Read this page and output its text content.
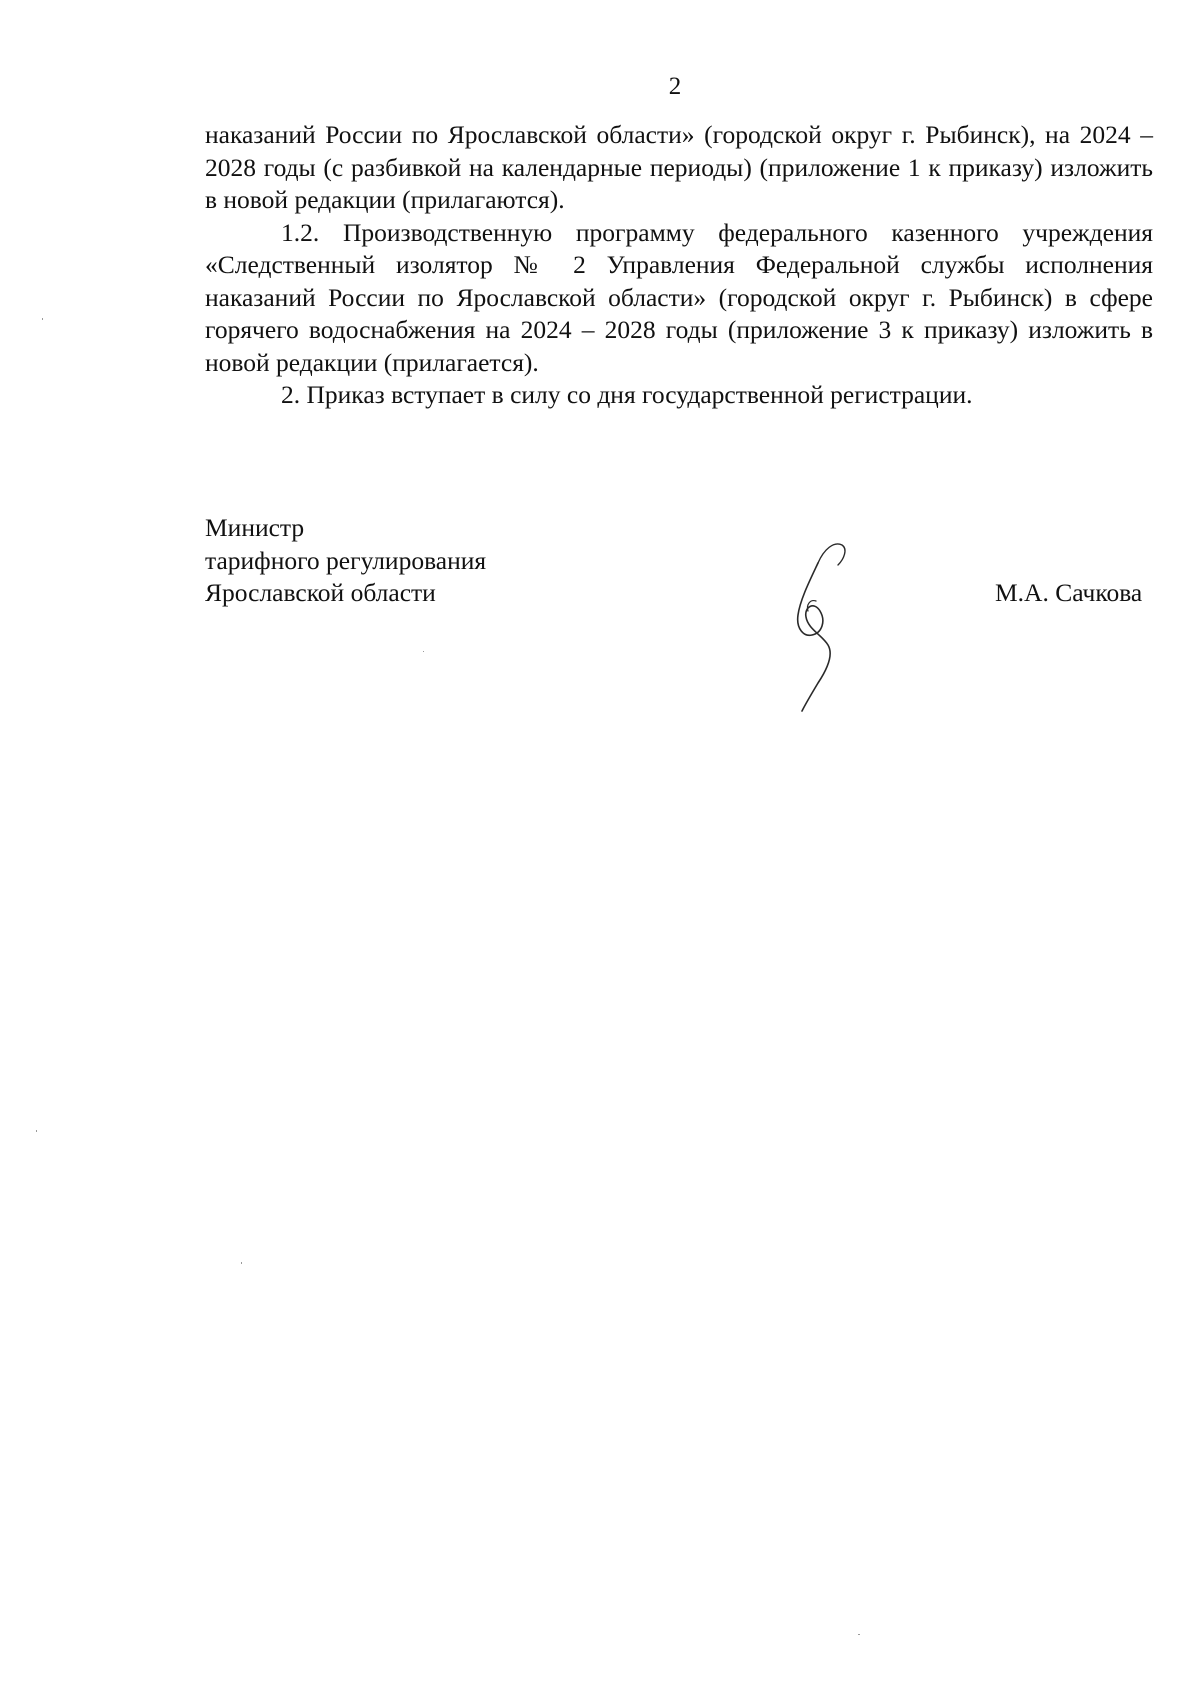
2

наказаний России по Ярославской области» (городской округ г. Рыбинск), на 2024 – 2028 годы (с разбивкой на календарные периоды) (приложение 1 к приказу) изложить в новой редакции (прилагаются).

1.2. Производственную программу федерального казенного учреждения «Следственный изолятор № 2 Управления Федеральной службы исполнения наказаний России по Ярославской области» (городской округ г. Рыбинск) в сфере горячего водоснабжения на 2024 – 2028 годы (приложение 3 к приказу) изложить в новой редакции (прилагается).

2. Приказ вступает в силу со дня государственной регистрации.

Министр
тарифного регулирования
Ярославской области	М.А. Сачкова
